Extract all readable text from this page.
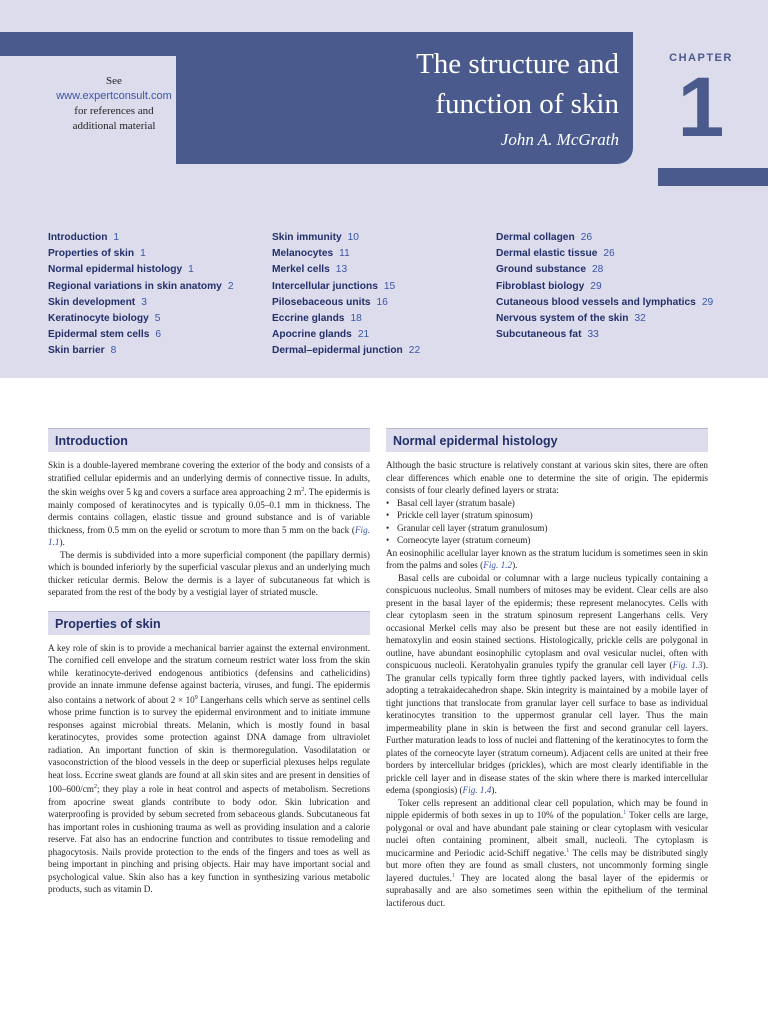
The structure and
function of skin
John A. McGrath
See
www.expertconsult.com
for references and
additional material
CHAPTER
1
Introduction 1
Properties of skin 1
Normal epidermal histology 1
Regional variations in skin anatomy 2
Skin development 3
Keratinocyte biology 5
Epidermal stem cells 6
Skin barrier 8
Skin immunity 10
Melanocytes 11
Merkel cells 13
Intercellular junctions 15
Pilosebaceous units 16
Eccrine glands 18
Apocrine glands 21
Dermal–epidermal junction 22
Dermal collagen 26
Dermal elastic tissue 26
Ground substance 28
Fibroblast biology 29
Cutaneous blood vessels and lymphatics 29
Nervous system of the skin 32
Subcutaneous fat 33
Introduction

Skin is a double-layered membrane covering the exterior of the body and consists of a stratified cellular epidermis and an underlying dermis of connective tissue. In adults, the skin weighs over 5 kg and covers a surface area approaching 2 $m^2$. The epidermis is mainly composed of keratinocytes and is typically 0.05–0.1 mm in thickness. The dermis contains collagen, elastic tissue and ground substance and is of variable thickness, from 0.5 mm on the eyelid or scrotum to more than 5 mm on the back (Fig. 1.1).

The dermis is subdivided into a more superficial component (the papillary dermis) which is bounded inferiorly by the superficial vascular plexus and an underlying much thicker reticular dermis. Below the dermis is a layer of subcutaneous fat which is separated from the rest of the body by a vestigial layer of striated muscle.

Properties of skin

A key role of skin is to provide a mechanical barrier against the external environment. The cornified cell envelope and the stratum corneum restrict water loss from the skin while keratinocyte-derived endogenous antibiotics (defensins and cathelicidins) provide an innate immune defense against bacteria, viruses, and fungi. The epidermis also contains a network of about $2 \times 10^9$ Langerhans cells which serve as sentinel cells whose prime function is to survey the epidermal environment and to initiate immune responses against microbial threats. Melanin, which is mostly found in basal keratinocytes, provides some protection against DNA damage from ultraviolet radiation. An important function of skin is thermoregulation. Vasodilatation or vasoconstriction of the blood vessels in the deep or superficial plexuses helps regulate heat loss. Eccrine sweat glands are found at all skin sites and are present in densities of $100-600/cm^2$; they play a role in heat control and aspects of metabolism. Secretions from apocrine sweat glands contribute to body odor. Skin lubrication and waterproofing is provided by sebum secreted from sebaceous glands. Subcutaneous fat has important roles in cushioning trauma as well as providing insulation and a calorie reserve. Fat also has an endocrine function and contributes to tissue remodeling and phagocytosis. Nails provide protection to the ends of the fingers and toes as well as being important in pinching and prising objects. Hair may have important social and psychological value. Skin also has a key function in synthesizing various metabolic products, such as vitamin D.

Normal epidermal histology

Although the basic structure is relatively constant at various skin sites, there are often clear differences which enable one to determine the site of origin. The epidermis consists of four clearly defined layers or strata:

• Basal cell layer (stratum basale)
• Prickle cell layer (stratum spinosum)
• Granular cell layer (stratum granulosum)
• Corneocyte layer (stratum corneum)

An eosinophilic acellular layer known as the stratum lucidum is sometimes seen in skin from the palms and soles (Fig. 1.2).

Basal cells are cuboidal or columnar with a large nucleus typically containing a conspicuous nucleolus. Small numbers of mitoses may be evident. Clear cells are also present in the basal layer of the epidermis; these represent melanocytes. Cells with clear cytoplasm seen in the stratum spinosum represent Langerhans cells. Very occasional Merkel cells may also be present but these are not easily identified in hematoxylin and eosin stained sections. Histologically, prickle cells are polygonal in outline, have abundant eosinophilic cytoplasm and oval vesicular nuclei, often with conspicuous nucleoli. Keratohyalin granules typify the granular cell layer (Fig. 1.3). The granular cells typically form three tightly packed layers, with individual cells adopting a tetrakaidecahedron shape. Skin integrity is maintained by a mobile layer of tight junctions that translocate from granular layer cell surface to base as individual keratinocytes transition to the uppermost granular cell layer. Thus the main impermeability plane in skin is between the first and second granular cell layers. Further maturation leads to loss of nuclei and flattening of the keratinocytes to form the plates of the corneocyte layer (stratum corneum). Adjacent cells are united at their free borders by intercellular bridges (prickles), which are most clearly identifiable in the prickle cell layer and in disease states of the skin where there is marked intercellular edema (spongiosis) (Fig. 1.4).

Toker cells represent an additional clear cell population, which may be found in nipple epidermis of both sexes in up to 10% of the population.$^1$ Toker cells are large, polygonal or oval and have abundant pale staining or clear cytoplasm with vesicular nuclei often containing prominent, albeit small, nucleoli. The cytoplasm is mucicarmine and Periodic acid-Schiff negative.$^1$ The cells may be distributed singly but more often they are found as small clusters, not uncommonly forming single layered ductules.$^1$ They are located along the basal layer of the epidermis or suprabasally and are also sometimes seen within the epithelium of the terminal lactiferous duct.
